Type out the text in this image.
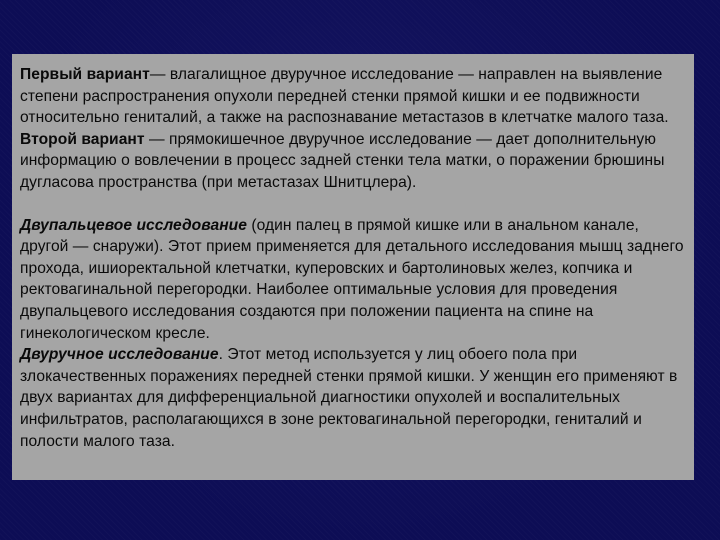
Первый вариант— влагалищное двуручное исследование — направлен на выявление степени распространения опухоли передней стенки прямой кишки и ее подвижности относительно гениталий, а также на распознавание метастазов в клетчатке малого таза. Второй вариант — прямокишечное двуручное исследование — дает дополнительную информацию о вовлечении в процесс задней стенки тела матки, о поражении брюшины дугласова пространства (при метастазах Шнитцлера).

Двупальцевое исследование (один палец в прямой кишке или в анальном канале, другой — снаружи). Этот прием применяется для детального исследования мышц заднего прохода, ишиоректальной клетчатки, куперовских и бартолиновых желез, копчика и ректовагинальной перегородки. Наиболее оптимальные условия для проведения двупальцевого исследования создаются при положении пациента на спине на гинекологическом кресле.

Двуручное исследование. Этот метод используется у лиц обоего пола при злокачественных поражениях передней стенки прямой кишки. У женщин его применяют в двух вариантах для дифференциальной диагностики опухолей и воспалительных инфильтратов, располагающихся в зоне ректовагинальной перегородки, гениталий и полости малого таза.
